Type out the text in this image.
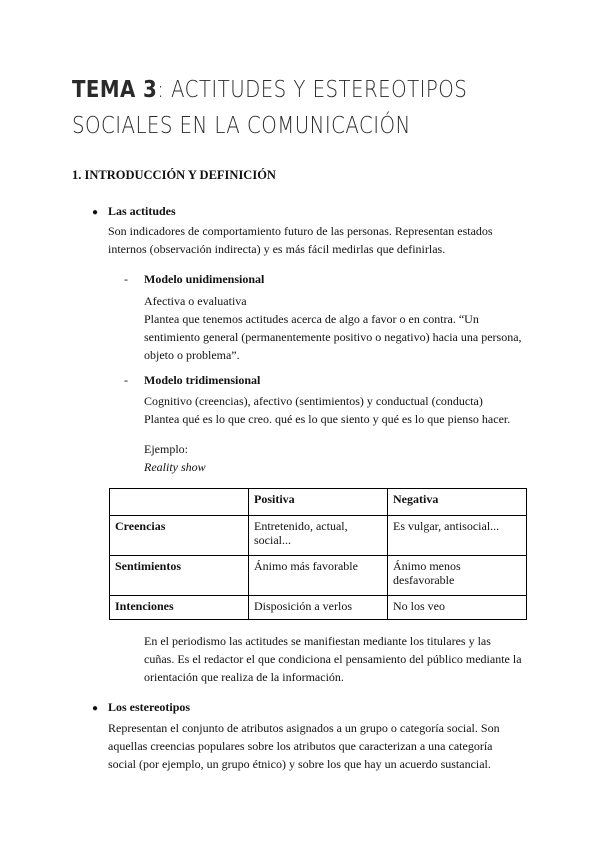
TEMA 3: ACTITUDES Y ESTEREOTIPOS SOCIALES EN LA COMUNICACIÓN
1. INTRODUCCIÓN Y DEFINICIÓN
● Las actitudes
Son indicadores de comportamiento futuro de las personas. Representan estados
internos (observación indirecta) y es más fácil medirlas que definirlas.
- Modelo unidimensional
Afectiva o evaluativa
Plantea que tenemos actitudes acerca de algo a favor o en contra. “Un
sentimiento general (permanentemente positivo o negativo) hacia una persona,
objeto o problema”.
- Modelo tridimensional
Cognitivo (creencias), afectivo (sentimientos) y conductual (conducta)
Plantea qué es lo que creo. qué es lo que siento y qué es lo que pienso hacer.
Ejemplo:
Reality show
	Positiva	Negativa
Creencias	Entretenido, actual, social...	Es vulgar, antisocial...
Sentimientos	Ánimo más favorable	Ánimo menos desfavorable
Intenciones	Disposición a verlos	No los veo
En el periodismo las actitudes se manifiestan mediante los titulares y las
cuñas. Es el redactor el que condiciona el pensamiento del público mediante la
orientación que realiza de la información.
● Los estereotipos
Representan el conjunto de atributos asignados a un grupo o categoría social. Son
aquellas creencias populares sobre los atributos que caracterizan a una categoría
social (por ejemplo, un grupo étnico) y sobre los que hay un acuerdo sustancial.
